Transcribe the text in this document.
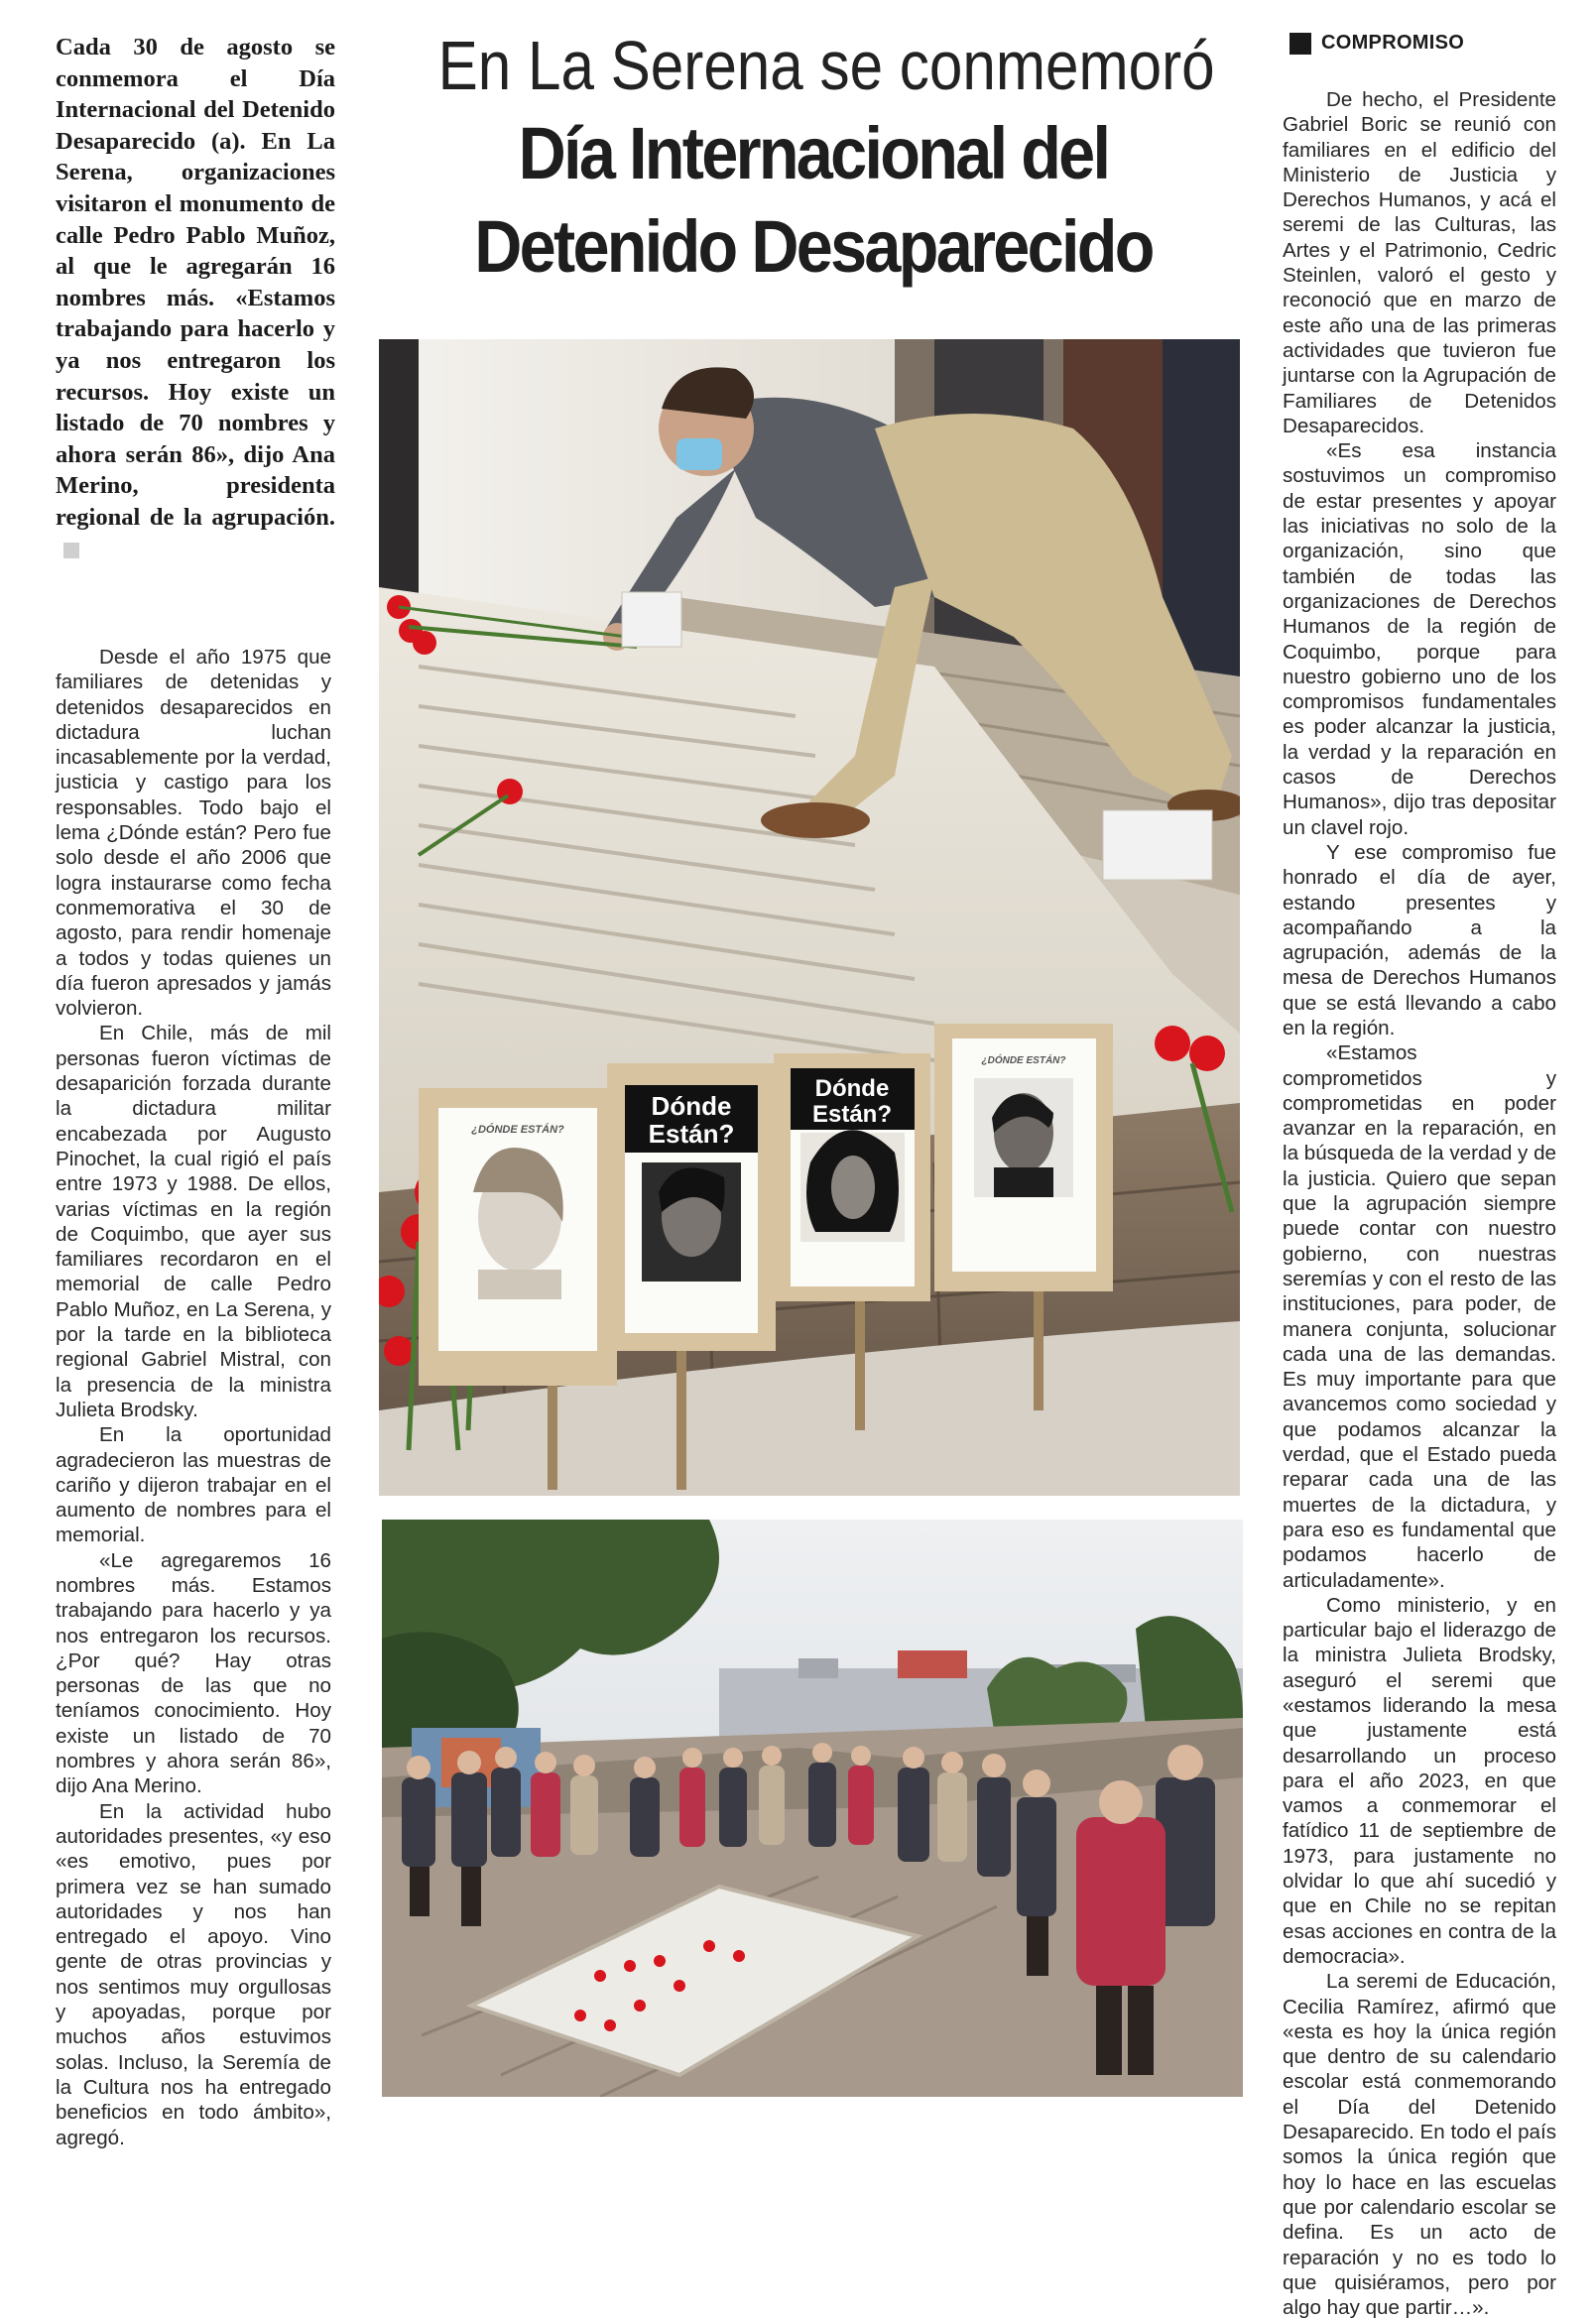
Cada 30 de agosto se conmemora el Día Internacional del Detenido Desaparecido (a). En La Serena, organizaciones visitaron el monumento de calle Pedro Pablo Muñoz, al que le agregarán 16 nombres más. «Estamos trabajando para hacerlo y ya nos entregaron los recursos. Hoy existe un listado de 70 nombres y ahora serán 86», dijo Ana Merino, presidenta regional de la agrupación.
En La Serena se conmemoró
Día Internacional del
Detenido Desaparecido

Desde el año 1975 que familiares de detenidas y detenidos desaparecidos en dictadura luchan incasablemente por la verdad, justicia y castigo para los responsables. Todo bajo el lema ¿Dónde están? Pero fue solo desde el año 2006 que logra instaurarse como fecha conmemorativa el 30 de agosto, para rendir homenaje a todos y todas quienes un día fueron apresados y jamás volvieron.

En Chile, más de mil personas fueron víctimas de desaparición forzada durante la dictadura militar encabezada por Augusto Pinochet, la cual rigió el país entre 1973 y 1988. De ellos, varias víctimas en la región de Coquimbo, que ayer sus familiares recordaron en el memorial de calle Pedro Pablo Muñoz, en La Serena, y por la tarde en la biblioteca regional Gabriel Mistral, con la presencia de la ministra Julieta Brodsky.

En la oportunidad agradecieron las muestras de cariño y dijeron trabajar en el aumento de nombres para el memorial.

«Le agregaremos 16 nombres más. Estamos trabajando para hacerlo y ya nos entregaron los recursos. ¿Por qué? Hay otras personas de las que no teníamos conocimiento. Hoy existe un listado de 70 nombres y ahora serán 86», dijo Ana Merino.

En la actividad hubo autoridades presentes, «y eso «es emotivo, pues por primera vez se han sumado autoridades y nos han entregado el apoyo. Vino gente de otras provincias y nos sentimos muy orgullosas y apoyadas, porque por muchos años estuvimos solas. Incluso, la Seremía de la Cultura nos ha entregado beneficios en todo ámbito», agregó.

COMPROMISO

De hecho, el Presidente Gabriel Boric se reunió con familiares en el edificio del Ministerio de Justicia y Derechos Humanos, y acá el seremi de las Culturas, las Artes y el Patrimonio, Cedric Steinlen, valoró el gesto y reconoció que en marzo de este año una de las primeras actividades que tuvieron fue juntarse con la Agrupación de Familiares de Detenidos Desaparecidos.

«Es esa instancia sostuvimos un compromiso de estar presentes y apoyar las iniciativas no solo de la organización, sino que también de todas las organizaciones de Derechos Humanos de la región de Coquimbo, porque para nuestro gobierno uno de los compromisos fundamentales es poder alcanzar la justicia, la verdad y la reparación en casos de Derechos Humanos», dijo tras depositar un clavel rojo.

Y ese compromiso fue honrado el día de ayer, estando presentes y acompañando a la agrupación, además de la mesa de Derechos Humanos que se está llevando a cabo en la región.

«Estamos comprometidos y comprometidas en poder avanzar en la reparación, en la búsqueda de la verdad y de la justicia. Quiero que sepan que la agrupación siempre puede contar con nuestro gobierno, con nuestras seremías y con el resto de las instituciones, para poder, de manera conjunta, solucionar cada una de las demandas. Es muy importante para que avancemos como sociedad y que podamos alcanzar la verdad, que el Estado pueda reparar cada una de las muertes de la dictadura, y para eso es fundamental que podamos hacerlo de articuladamente».

Como ministerio, y en particular bajo el liderazgo de la ministra Julieta Brodsky, aseguró el seremi que «estamos liderando la mesa que justamente está desarrollando un proceso para el año 2023, en que vamos a conmemorar el fatídico 11 de septiembre de 1973, para justamente no olvidar lo que ahí sucedió y que en Chile no se repitan esas acciones en contra de la democracia».

La seremi de Educación, Cecilia Ramírez, afirmó que «esta es hoy la única región que dentro de su calendario escolar está conmemorando el Día del Detenido Desaparecido. En todo el país somos la única región que hoy lo hace en las escuelas que por calendario escolar se defina. Es un acto de reparación y no es todo lo que quisiéramos, pero por algo hay que partir…».

¿DÓNDE ESTÁN?
Dónde
Están?
Dónde
Están?
¿DÓNDE ESTÁN?
